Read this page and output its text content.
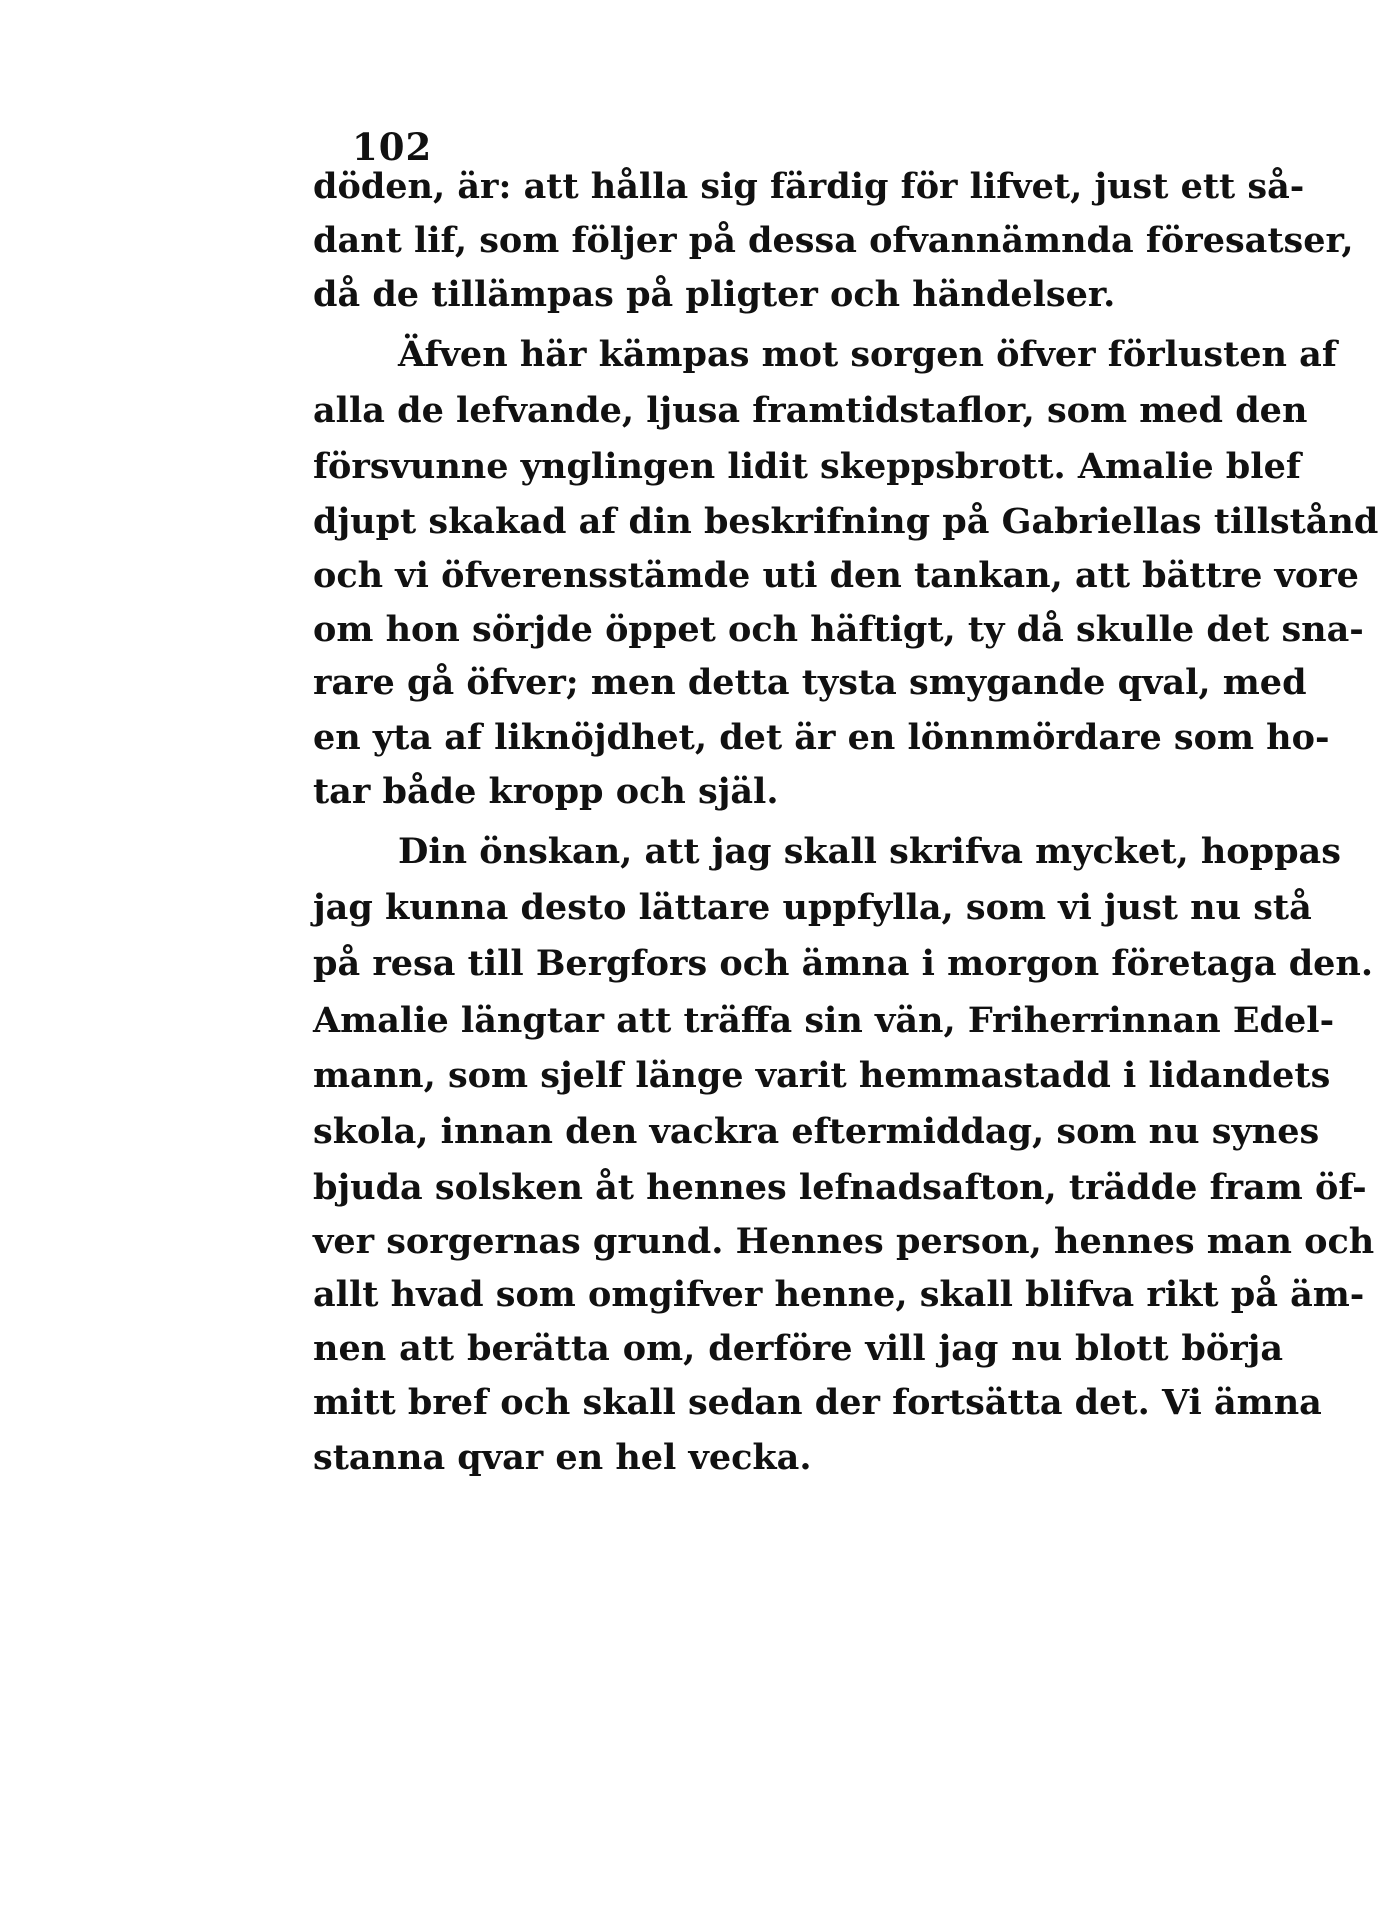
102
döden, är: att hålla sig färdig för lifvet, just ett så-
dant lif, som följer på dessa ofvannämnda föresatser,
då de tillämpas på pligter och händelser.
Äfven här kämpas mot sorgen öfver förlusten af
alla de lefvande, ljusa framtidstaflor, som med den
försvunne ynglingen lidit skeppsbrott. Amalie blef
djupt skakad af din beskrifning på Gabriellas tillstånd
och vi öfverensstämde uti den tankan, att bättre vore
om hon sörjde öppet och häftigt, ty då skulle det sna-
rare gå öfver; men detta tysta smygande qval, med
en yta af liknöjdhet, det är en lönnmördare som ho-
tar både kropp och själ.
Din önskan, att jag skall skrifva mycket, hoppas
jag kunna desto lättare uppfylla, som vi just nu stå
på resa till Bergfors och ämna i morgon företaga den.
Amalie längtar att träffa sin vän, Friherrinnan Edel-
mann, som sjelf länge varit hemmastadd i lidandets
skola, innan den vackra eftermiddag, som nu synes
bjuda solsken åt hennes lefnadsafton, trädde fram öf-
ver sorgernas grund. Hennes person, hennes man och
allt hvad som omgifver henne, skall blifva rikt på äm-
nen att berätta om, derföre vill jag nu blott börja
mitt bref och skall sedan der fortsätta det. Vi ämna
stanna qvar en hel vecka.
